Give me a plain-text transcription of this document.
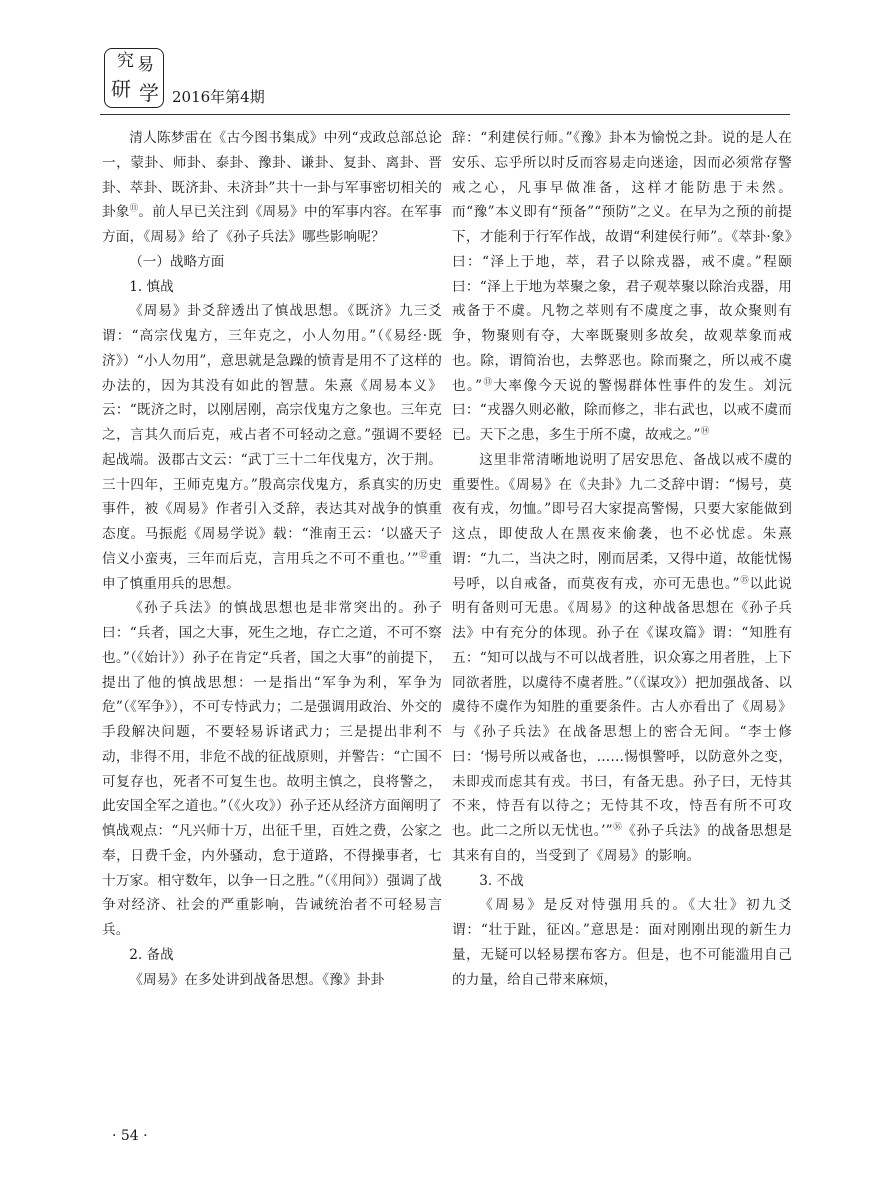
研
究 易
学 2016年第4期

清人陈梦雷在《古今图书集成》中列“戎政总部总论一，蒙卦、师卦、泰卦、豫卦、谦卦、复卦、离卦、晋卦、萃卦、既济卦、未济卦”共十一卦与军事密切相关的卦象⑪。前人早已关注到《周易》中的军事内容。在军事方面，《周易》给了《孙子兵法》哪些影响呢？

（一）战略方面
1. 慎战

《周易》卦爻辞透出了慎战思想。《既济》九三爻谓：“高宗伐鬼方，三年克之，小人勿用。”（《易经·既济》）“小人勿用”，意思就是急躁的愤青是用不了这样的办法的，因为其没有如此的智慧。朱熹《周易本义》云：“既济之时，以刚居刚，高宗伐鬼方之象也。三年克之，言其久而后克，戒占者不可轻动之意。”强调不要轻起战端。汲郡古文云：“武丁三十二年伐鬼方，次于荆。三十四年，王师克鬼方。”殷高宗伐鬼方，系真实的历史事件，被《周易》作者引入爻辞，表达其对战争的慎重态度。马振彪《周易学说》载：“淮南王云：‘以盛天子信义小蛮夷，三年而后克，言用兵之不可不重也。’”⑫重申了慎重用兵的思想。

《孙子兵法》的慎战思想也是非常突出的。孙子曰：“兵者，国之大事，死生之地，存亡之道，不可不察也。”（《始计》）孙子在肯定“兵者，国之大事”的前提下，提出了他的慎战思想：一是指出“军争为利，军争为危”（《军争》），不可专恃武力；二是强调用政治、外交的手段解决问题，不要轻易诉诸武力；三是提出非利不动，非得不用，非危不战的征战原则，并警告：“亡国不可复存也，死者不可复生也。故明主慎之，良将警之，此安国全军之道也。”（《火攻》）孙子还从经济方面阐明了慎战观点：“凡兴师十万，出征千里，百姓之费，公家之奉，日费千金，内外骚动，怠于道路，不得操事者，七十万家。相守数年，以争一日之胜。”（《用间》）强调了战争对经济、社会的严重影响，告诫统治者不可轻易言兵。

2. 备战

《周易》在多处讲到战备思想。《豫》卦卦

辞：“利建侯行师。”《豫》卦本为愉悦之卦。说的是人在安乐、忘乎所以时反而容易走向迷途，因而必须常存警戒之心，凡事早做准备，这样才能防患于未然。而“豫”本义即有“预备”“预防”之义。在早为之预的前提下，才能利于行军作战，故谓“利建侯行师”。《萃卦·象》曰：“泽上于地，萃，君子以除戎器，戒不虞。”程颐曰：“泽上于地为萃聚之象，君子观萃聚以除治戎器，用戒备于不虞。凡物之萃则有不虞度之事，故众聚则有争，物聚则有夺，大率既聚则多故矣，故观萃象而戒也。除，谓简治也，去弊恶也。除而聚之，所以戒不虞也。”⑬大率像今天说的警惕群体性事件的发生。刘沅曰：“戎器久则必敝，除而修之，非右武也，以戒不虞而已。天下之患，多生于所不虞，故戒之。”⑭

这里非常清晰地说明了居安思危、备战以戒不虞的重要性。《周易》在《夬卦》九二爻辞中谓：“惕号，莫夜有戎，勿恤。”即号召大家提高警惕，只要大家能做到这点，即使敌人在黑夜来偷袭，也不必忧虑。朱熹谓：“九二，当决之时，刚而居柔，又得中道，故能忧惕号呼，以自戒备，而莫夜有戎，亦可无患也。”⑮以此说明有备则可无患。《周易》的这种战备思想在《孙子兵法》中有充分的体现。孙子在《谋攻篇》谓：“知胜有五：“知可以战与不可以战者胜，识众寡之用者胜，上下同欲者胜，以虞待不虞者胜。”（《谋攻》）把加强战备、以虞待不虞作为知胜的重要条件。古人亦看出了《周易》与《孙子兵法》在战备思想上的密合无间。“李士修曰：‘惕号所以戒备也，……惕惧警呼，以防意外之变，未即戎而虑其有戎。书曰，有备无患。孙子曰，无恃其不来，恃吾有以待之；无恃其不攻，恃吾有所不可攻也。此二之所以无忧也。’”⑯《孙子兵法》的战备思想是其来有自的，当受到了《周易》的影响。

3. 不战

《周易》是反对恃强用兵的。《大壮》初九爻谓：“壮于趾，征凶。”意思是：面对刚刚出现的新生力量，无疑可以轻易摆布客方。但是，也不可能滥用自己的力量，给自己带来麻烦，

· 54 ·
